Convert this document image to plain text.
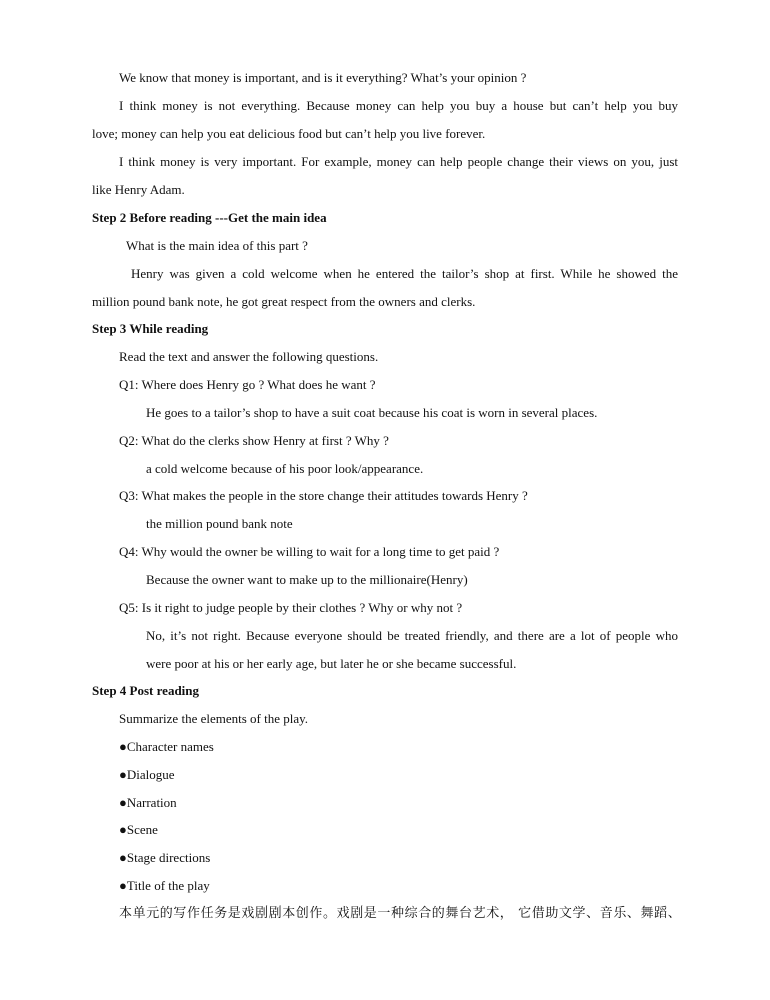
We know that money is important, and is it everything? What’s your opinion ?
I think money is not everything. Because money can help you buy a house but can’t help you buy
love; money can help you eat delicious food but can’t help you live forever.
I think money is very important. For example, money can help people change their views on you, just
like Henry Adam.
Step 2 Before reading ---Get the main idea
What is the main idea of this part ?
Henry was given a cold welcome when he entered the tailor’s shop at first. While he showed the
million pound bank note, he got great respect from the owners and clerks.
Step 3 While reading
Read the text and answer the following questions.
Q1: Where does Henry go ? What does he want ?
He goes to a tailor’s shop to have a suit coat because his coat is worn in several places.
Q2: What do the clerks show Henry at first ? Why ?
a cold welcome because of his poor look/appearance.
Q3: What makes the people in the store change their attitudes towards Henry ?
the million pound bank note
Q4: Why would the owner be willing to wait for a long time to get paid ?
Because the owner want to make up to the millionaire(Henry)
Q5: Is it right to judge people by their clothes ? Why or why not ?
No, it’s not right. Because everyone should be treated friendly, and there are a lot of people who
were poor at his or her early age, but later he or she became successful.
Step 4 Post reading
Summarize the elements of the play.
●Character names
●Dialogue
●Narration
●Scene
●Stage directions
●Title of the play
本单元的写作任务是戏剧剧本创作。戏剧是一种综合的舞台艺术， 它借助文学、音乐、舞蹈、
